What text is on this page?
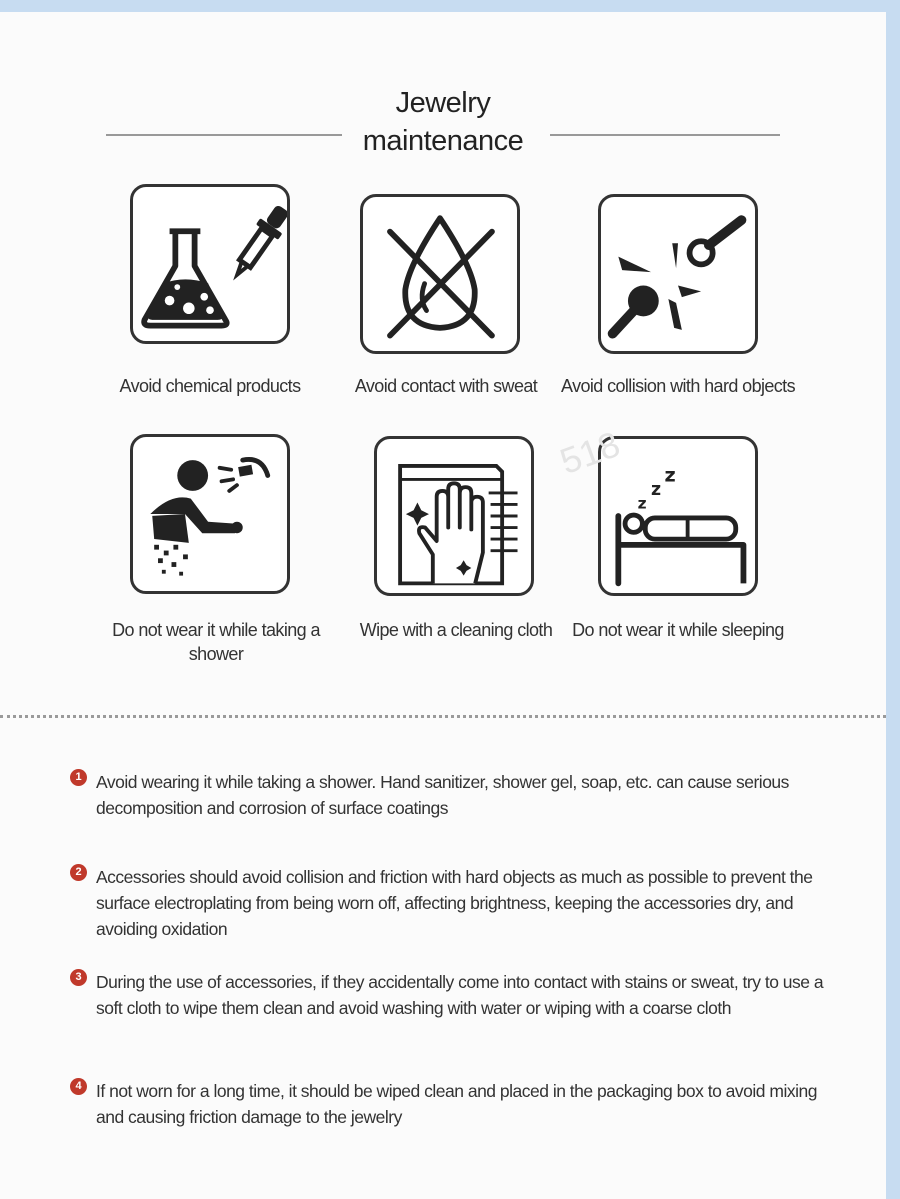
Jewelry
maintenance
Avoid chemical products	Avoid contact with sweat	Avoid collision with hard objects
Do not wear it while taking a shower
Wipe with a cleaning cloth
z
z
z
Do not wear it while sleeping
518
1 Avoid wearing it while taking a shower. Hand sanitizer, shower gel, soap, etc. can cause serious decomposition and corrosion of surface coatings
2 Accessories should avoid collision and friction with hard objects as much as possible to prevent the surface electroplating from being worn off, affecting brightness, keeping the accessories dry, and avoiding oxidation
3 During the use of accessories, if they accidentally come into contact with stains or sweat, try to use a soft cloth to wipe them clean and avoid washing with water or wiping with a coarse cloth
4 If not worn for a long time, it should be wiped clean and placed in the packaging box to avoid mixing and causing friction damage to the jewelry
